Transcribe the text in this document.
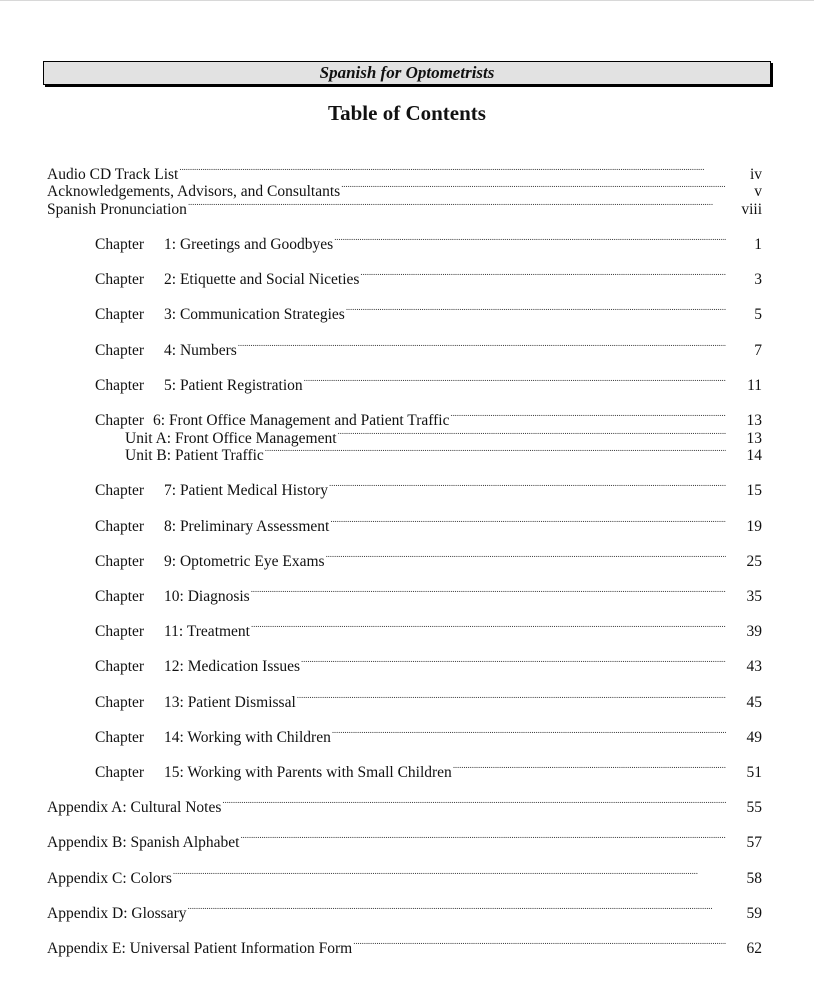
Spanish for Optometrists
Table of Contents
Audio CD Track List . . .	iv
Acknowledgements, Advisors, and Consultants . . .	v
Spanish Pronunciation . . .	viii
Chapter 1: Greetings and Goodbyes . . .	1
Chapter 2: Etiquette and Social Niceties . . .	3
Chapter 3: Communication Strategies . . .	5
Chapter 4: Numbers . . .	7
Chapter 5: Patient Registration . . .	11
Chapter 6: Front Office Management and Patient Traffic . . .	13
Unit A: Front Office Management . . .	13
Unit B: Patient Traffic . . .	14
Chapter 7: Patient Medical History . . .	15
Chapter 8: Preliminary Assessment . . .	19
Chapter 9: Optometric Eye Exams . . .	25
Chapter 10: Diagnosis . . .	35
Chapter 11: Treatment . . .	39
Chapter 12: Medication Issues . . .	43
Chapter 13: Patient Dismissal . . .	45
Chapter 14: Working with Children . . .	49
Chapter 15: Working with Parents with Small Children . . .	51
Appendix A: Cultural Notes . . .	55
Appendix B: Spanish Alphabet . . .	57
Appendix C: Colors . . .	58
Appendix D: Glossary . . .	59
Appendix E: Universal Patient Information Form . . .	62
